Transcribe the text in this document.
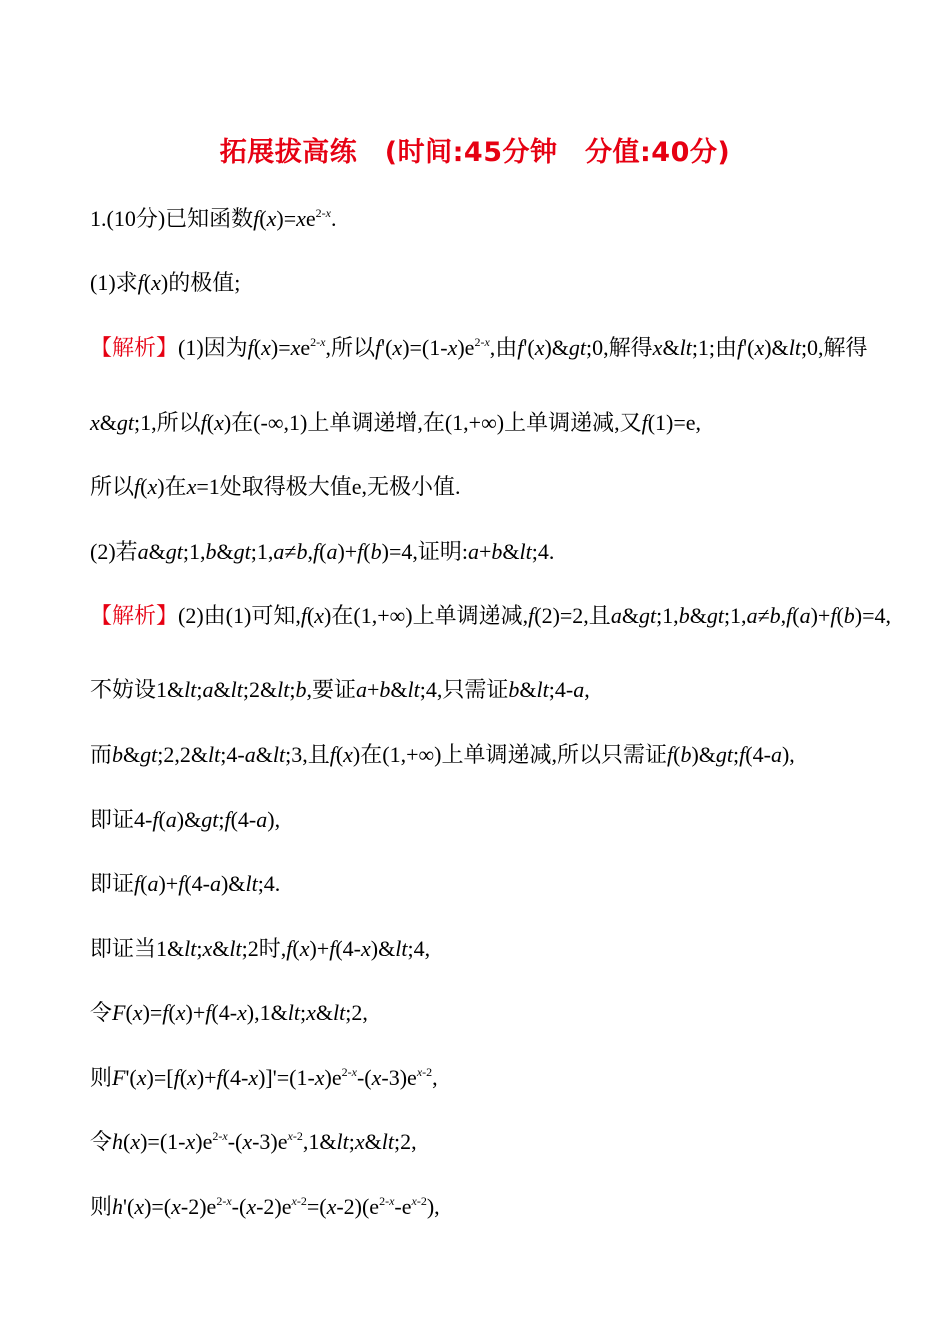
拓展拔高练　(时间:45分钟　分值:40分)
1.(10分)已知函数$f(x)=xe^{2-x}$.
(1)求f(x)的极值;
【解析】(1)因为$f(x)=xe^{2-x}$,所以$f'(x)=(1-x)e^{2-x}$,由f'(x)&gt;0,解得x&lt;1;由f'(x)&lt;0,解得
x&gt;1,所以f(x)在(-∞,1)上单调递增,在(1,+∞)上单调递减,又f(1)=e,
所以f(x)在x=1处取得极大值e,无极小值.
(2)若a&gt;1,b&gt;1,a≠b,f(a)+f(b)=4,证明:a+b&lt;4.
【解析】(2)由(1)可知,f(x)在(1,+∞)上单调递减,f(2)=2,且a&gt;1,b&gt;1,a≠b,f(a)+f(b)=4,
不妨设1&lt;a&lt;2&lt;b,要证a+b&lt;4,只需证b&lt;4-a,
而b&gt;2,2&lt;4-a&lt;3,且f(x)在(1,+∞)上单调递减,所以只需证f(b)&gt;f(4-a),
即证4-f(a)&gt;f(4-a),
即证f(a)+f(4-a)&lt;4.
即证当1&lt;x&lt;2时,f(x)+f(4-x)&lt;4,
令F(x)=f(x)+f(4-x),1&lt;x&lt;2,
则$F'(x)=[f(x)+f(4-x)]'=(1-x)e^{2-x}-(x-3)e^{x-2}$,
令$h(x)=(1-x)e^{2-x}-(x-3)e^{x-2},1\&lt;x\&lt;2$,
则$h'(x)=(x-2)e^{2-x}-(x-2)e^{x-2}=(x-2)(e^{2-x}-e^{x-2})$,
